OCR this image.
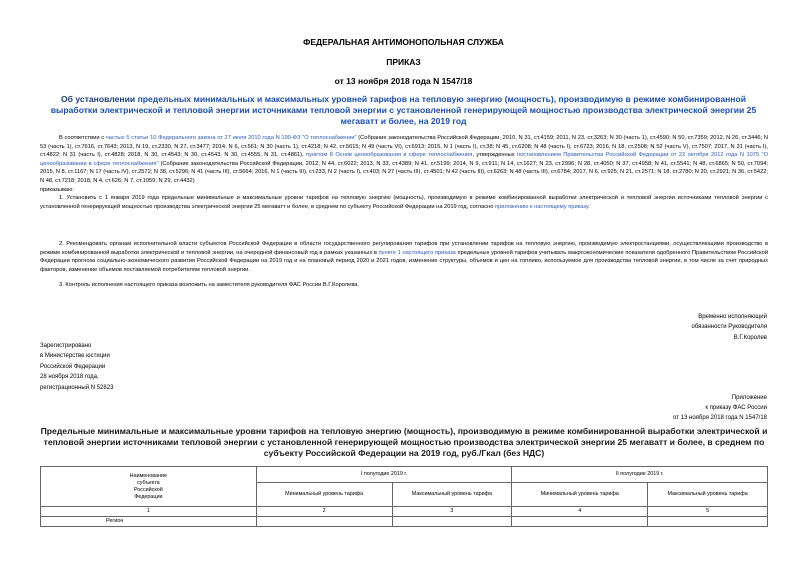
ФЕДЕРАЛЬНАЯ АНТИМОНОПОЛЬНАЯ СЛУЖБА
ПРИКАЗ
от 13 ноября 2018 года N 1547/18
Об установлении предельных минимальных и максимальных уровней тарифов на тепловую энергию (мощность), производимую в режиме комбинированной выработки электрической и тепловой энергии источниками тепловой энергии с установленной генерирующей мощностью производства электрической энергии 25 мегаватт и более, на 2019 год

В соответствии с частью 5 статьи 10 Федерального закона от 27 июля 2010 года N 190-ФЗ "О теплоснабжении" (Собрание законодательства Российской Федерации, 2010, N 31, ст.4159; 2011, N 23, ст.3263; N 30 (часть 1), ст.4590; N 50, ст.7359; 2012, N 26, ст.3446; N 53 (часть 1), ст.7616, ст.7643; 2013, N 19, ст.2330, N 27, ст.3477; 2014, N 6, ст.561; N 30 (часть 1), ст.4218; N 42, ст.5615; N 49 (часть VI), ст.6913; 2015, N 1 (часть I), ст.38; N 45, ст.6208; N 48 (часть I), ст.6723; 2016, N 18, ст.2508; N 52 (часть V), ст.7507; 2017, N 31 (часть I), ст.4822; N 31 (часть I), ст.4828; 2018, N 30, ст.4543; N 30, ст.4543, N 30, ст.4555, N 31, ст.4861), пунктом 8 Основ ценообразования в сфере теплоснабжения, утвержденных постановлением Правительства Российской Федерации от 22 октября 2012 года N 1075 "О ценообразовании в сфере теплоснабжения" (Собрание законодательства Российской Федерации, 2012, N 44, ст.6022; 2013, N 33, ст.4389; N 41, ст.5199; 2014, N 9, ст.911; N 14, ст.1627; N 23, ст.2996; N 28, ст.4050; N 37, ст.4958; N 41, ст.5541; N 48, ст.6865; N 50, ст.7094; 2015, N 8, ст.1167; N 17 (часть IV), ст.2572; N 38, ст.5296; N 41 (часть III), ст.5664; 2016, N 1 (часть III), ст.233, N 2 (часть I), ст.403; N 27 (часть III), ст.4501; N 42 (часть III), ст.6263; N 48 (часть III), ст.6784; 2017, N 6, ст.925; N 21, ст.2571; N 18, ст.2780; N 20, ст.2921; N 36, ст.5422; N 48, ст.7218; 2018, N 4, ст.626; N 7, ст.1059; N 29, ст.4432)

приказываю:

1. Установить с 1 января 2019 года предельные минимальные и максимальные уровни тарифов на тепловую энергию (мощность), производимую в режиме комбинированной выработки электрической и тепловой энергии источниками тепловой энергии с установленной генерирующей мощностью производства электрической энергии 25 мегаватт и более, в среднем по субъекту Российской Федерации на 2019 год, согласно приложению к настоящему приказу.

2. Рекомендовать органам исполнительной власти субъектов Российской Федерации в области государственного регулирования тарифов при установлении тарифов на тепловую энергию, производимую электростанциями, осуществляющими производство в режиме комбинированной выработки электрической и тепловой энергии, на очередной финансовый год в рамках указанных в пункте 1 настоящего приказа предельных уровней тарифов учитывать макроэкономические показатели одобренного Правительством Российской Федерации прогноза социально-экономического развития Российской Федерации на 2019 год и на плановый период 2020 и 2021 годов, изменение структуры, объемов и цен на топливо, используемое для производства тепловой энергии, в том числе за счет природных факторов, изменение объемов поставляемой потребителям тепловой энергии.

3. Контроль исполнения настоящего приказа возложить на заместителя руководителя ФАС России В.Г.Королева.

Временно исполняющий
обязанности Руководителя
В.Г.Королев
Зарегистрировано
в Министерстве юстиции
Российской Федерации
28 ноября 2018 года,
регистрационный N 52823
Приложение
к приказу ФАС России
от 13 ноября 2018 года N 1547/18
Предельные минимальные и максимальные уровни тарифов на тепловую энергию (мощность), производимую в режиме комбинированной выработки электрической и тепловой энергии источниками тепловой энергии с установленной генерирующей мощностью производства электрической энергии 25 мегаватт и более, в среднем по субъекту Российской Федерации на 2019 год, руб./Гкал (без НДС)
Наименование
субъекта
Российской
Федерации	I полугодие 2019 г.		II полугодие 2019 г.	
	Минимальный уровень тарифа	Максимальный уровень тарифа	Минимальный уровень тарифа	Максимальный уровень тарифа
1	2	3	4	5
Регион				
